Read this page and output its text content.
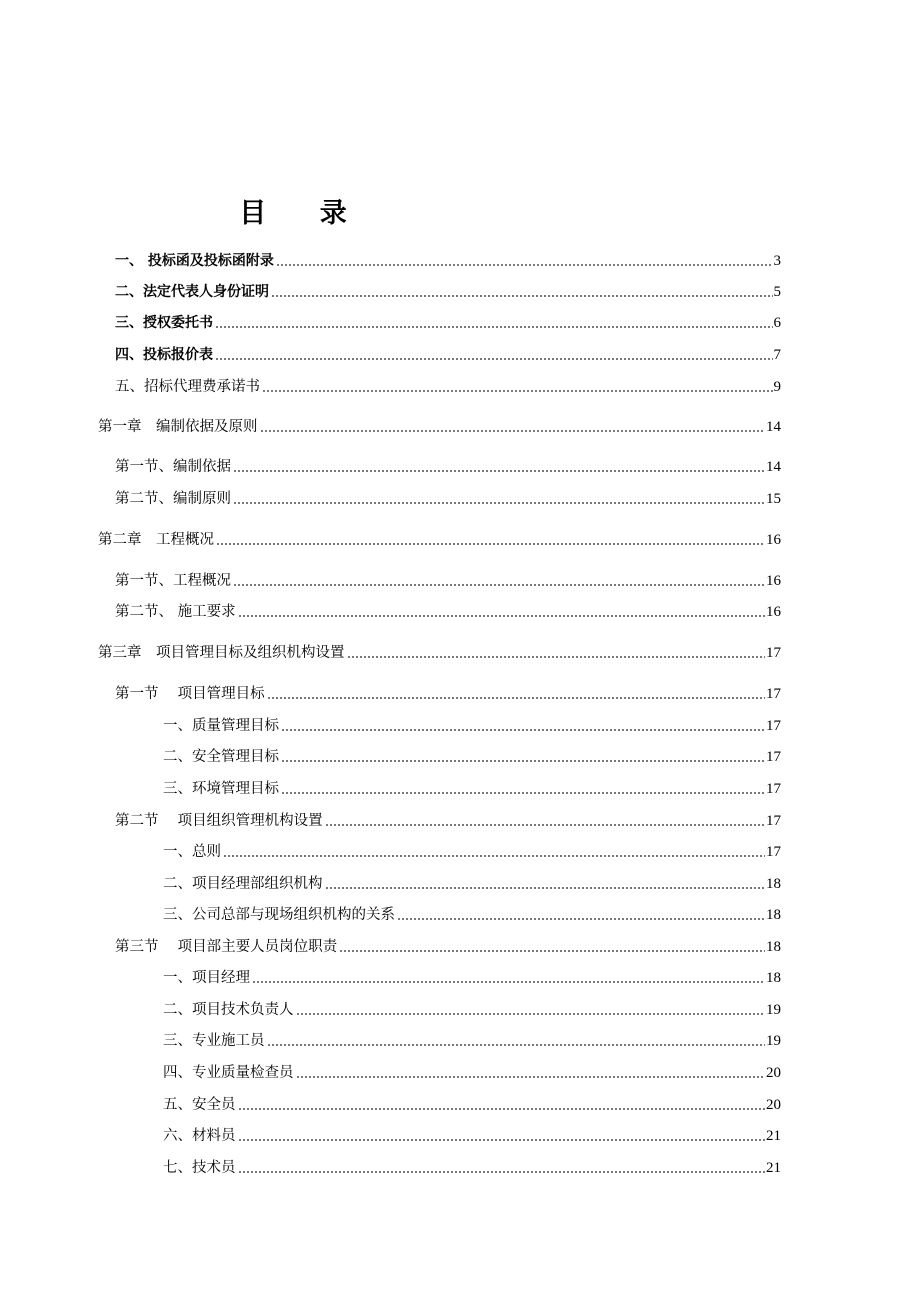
目 录
一、 投标函及投标函附录	3
二、法定代表人身份证明	5
三、授权委托书	6
四、投标报价表	7
五、招标代理费承诺书	9
第一章　编制依据及原则	14
第一节、编制依据	14
第二节、编制原则	15
第二章　工程概况	16
第一节、工程概况	16
第二节、 施工要求	16
第三章　项目管理目标及组织机构设置	17
第一节　 项目管理目标	17
一、质量管理目标	17
二、安全管理目标	17
三、环境管理目标	17
第二节　 项目组织管理机构设置	17
一、总则	17
二、项目经理部组织机构	18
三、公司总部与现场组织机构的关系	18
第三节　 项目部主要人员岗位职责	18
一、项目经理	18
二、项目技术负责人	19
三、专业施工员	19
四、专业质量检查员	20
五、安全员	20
六、材料员	21
七、技术员	21
